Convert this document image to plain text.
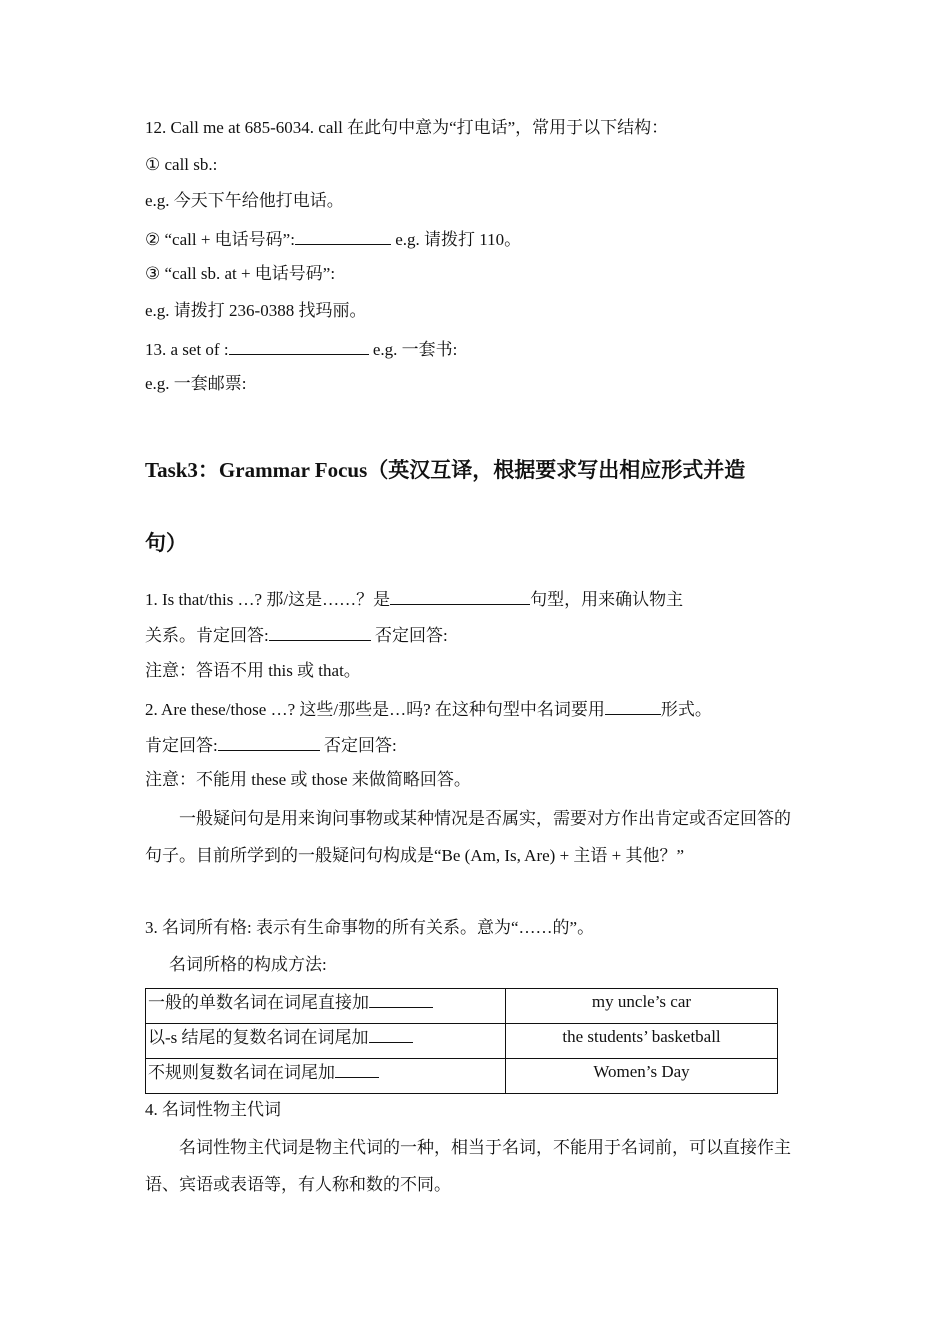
12. Call me at 685-6034. call 在此句中意为“打电话”，常用于以下结构：
① call sb.:
e.g. 今天下午给他打电话。
② “call + 电话号码”:	e.g. 请拨打 110。
③ “call sb. at + 电话号码”:
e.g. 请拨打 236-0388 找玛丽。
13. a set of :	e.g. 一套书:
e.g. 一套邮票:
Task3：Grammar Focus（英汉互译，根据要求写出相应形式并造
句）
1. Is that/this …? 那/这是……？是	句型，用来确认物主
关系。肯定回答:	否定回答:
注意：答语不用 this 或 that。
2. Are these/those …? 这些/那些是…吗? 在这种句型中名词要用	形式。
肯定回答:	否定回答:
注意：不能用 these 或 those 来做简略回答。
一般疑问句是用来询问事物或某种情况是否属实，需要对方作出肯定或否定回答的句子。目前所学到的一般疑问句构成是“Be (Am, Is, Are) + 主语 + 其他？”
3. 名词所有格: 表示有生命事物的所有关系。意为“……的”。
名词所格的构成方法:
一般的单数名词在词尾直接加	my uncle’s car
以-s 结尾的复数名词在词尾加	the students’ basketball
不规则复数名词在词尾加	Women’s Day
4. 名词性物主代词
名词性物主代词是物主代词的一种，相当于名词，不能用于名词前，可以直接作主语、宾语或表语等，有人称和数的不同。
